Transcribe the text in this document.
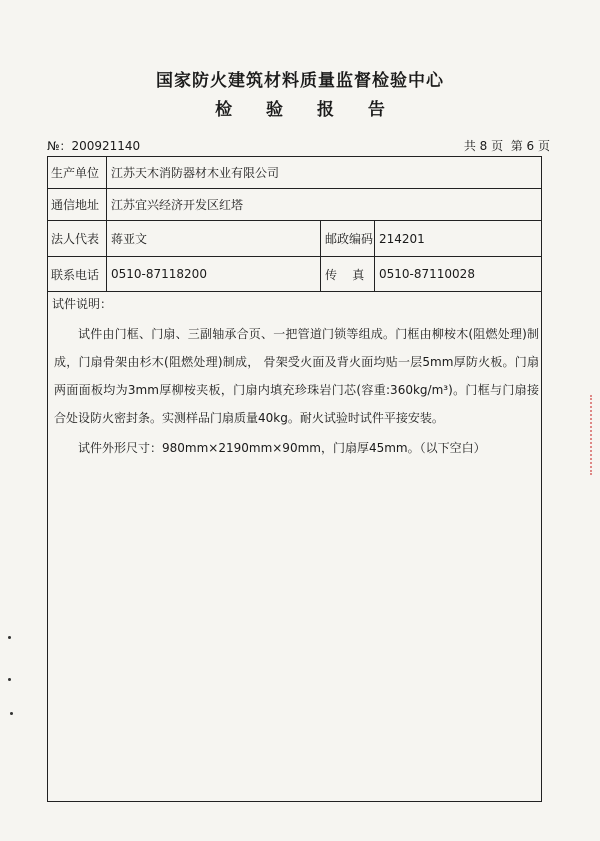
国家防火建筑材料质量监督检验中心
检 验 报 告
№：200921140	共 8 页  第 6 页
生产单位 江苏天木消防器材木业有限公司
通信地址 江苏宜兴经济开发区红塔
法人代表 蒋亚文	邮政编码 214201
联系电话 0510-87118200	传    真	0510-87110028
试件说明：

试件由门框、门扇、三副轴承合页、一把管道门锁等组成。门框由柳桉木(阻燃处理)制成，门扇骨架由杉木(阻燃处理)制成， 骨架受火面及背火面均贴一层5mm厚防火板。门扇两面面板均为3mm厚柳桉夹板，门扇内填充珍珠岩门芯(容重:360kg/m³)。门框与门扇接合处设防火密封条。实测样品门扇质量40kg。耐火试验时试件平接安装。

试件外形尺寸：980mm×2190mm×90mm，门扇厚45mm。（以下空白）
